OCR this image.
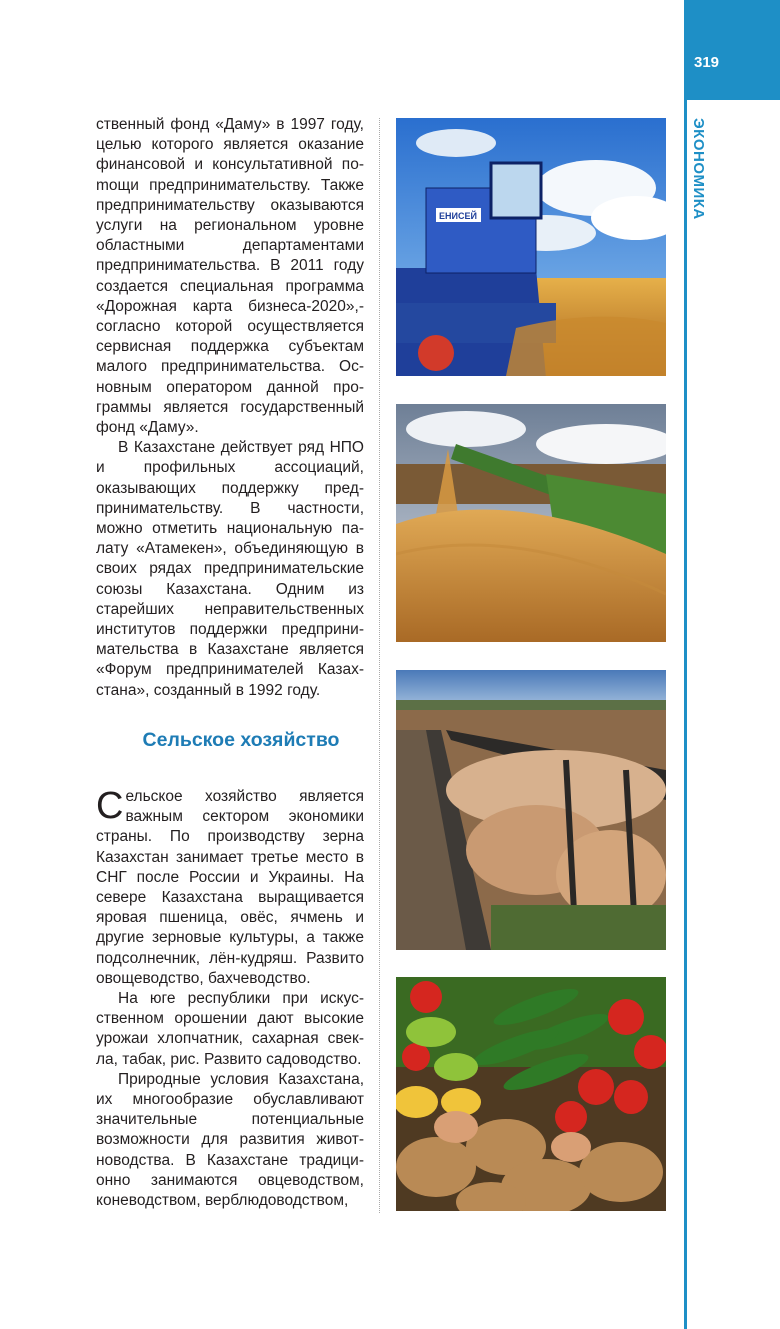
319
ЭКОНОМИКА

ственный фонд «Даму» в 1997 году, целью которого является оказание финансовой и консультативной поmощи предпринимательству. Также предпринимательству оказываются услуги на региональном уровне областными департаментами предпринимательства. В 2011 году создается специальная программа «Дорожная карта бизнеса-2020»,- согласно которой осуществляется сервисная поддержка субъектам малого предпринимательства. Основным оператором данной программы является государственный фонд «Даму».

В Казахстане действует ряд НПО и профильных ассоциаций, оказывающих поддержку предпринимательству. В частности, можно отметить национальную палату «Атамекен», объединяющую в своих рядах предпринимательские союзы Казахстана. Одним из старейших неправительственных институтов поддержки предпринимательства в Казахстане является «Форум предпринимателей Казахстана», созданный в 1992 году.

Сельское хозяйство

Сельское хозяйство является важным сектором экономики страны. По производству зерна Казахстан занимает третье место в СНГ после России и Украины. На севере Казахстана выращивается яровая пшеница, овёс, ячмень и другие зерновые культуры, а также подсолнечник, лён-кудряш. Развито овощеводство, бахчеводство.

На юге республики при искусственном орошении дают высокие урожаи хлопчатник, сахарная свекла, табак, рис. Развито садоводство.

Природные условия Казахстана, их многообразие обуславливают значительные потенциальные возможности для развития животноводства. В Казахстане традиционно занимаются овцеводством, коневодством, верблюдоводством,

ЕНИСЕЙ
